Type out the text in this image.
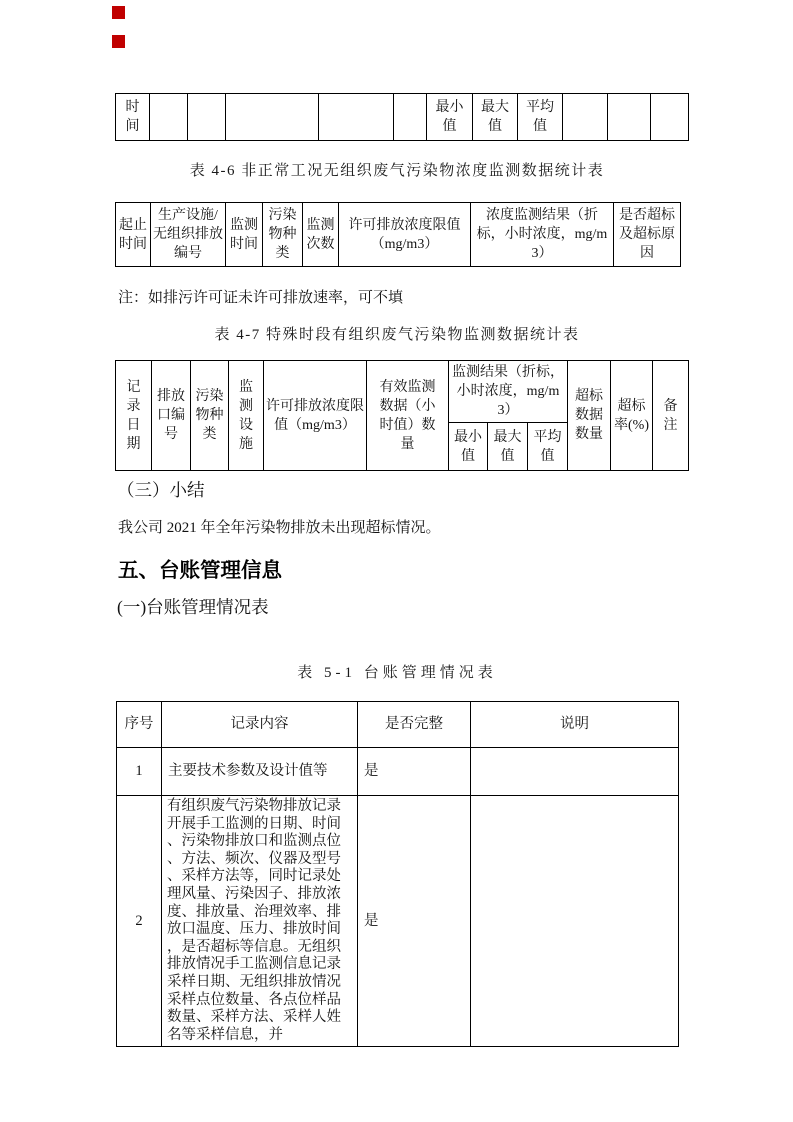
时间						最小值	最大值	平均值			
表 4-6 非正常工况无组织废气污染物浓度监测数据统计表
起止时间	生产设施/无组织排放编号	监测时间	污染物种类	监测次数	许可排放浓度限值（mg/m3）	浓度监测结果（折标，小时浓度，mg/m3）	是否超标及超标原因
注：如排污许可证未许可排放速率，可不填
表 4-7 特殊时段有组织废气污染物监测数据统计表
记录日期	排放口编号	污染物种类	监测设施	许可排放浓度限值（mg/m3）	有效监测数据（小时值）数量	监测结果（折标，小时浓度，mg/m3）			超标数据数量	超标率(%)	备注
						最小值	最大值	平均值			
（三）小结
我公司 2021 年全年污染物排放未出现超标情况。
五、台账管理信息
(一)台账管理情况表
表 5-1 台账管理情况表
序号	记录内容	是否完整	说明
1	主要技术参数及设计值等	是	
2	有组织废气污染物排放记录 开展手工监测的日期、时间 、污染物排放口和监测点位 、方法、频次、仪器及型号 、采样方法等，同时记录处 理风量、污染因子、排放浓 度、排放量、治理效率、排 放口温度、压力、排放时间 ，是否超标等信息。无组织排放情况手工监测信息记录 采样日期、无组织排放情况 采样点位数量、各点位样品 数量、采样方法、采样人姓 名等采样信息，并	是	
